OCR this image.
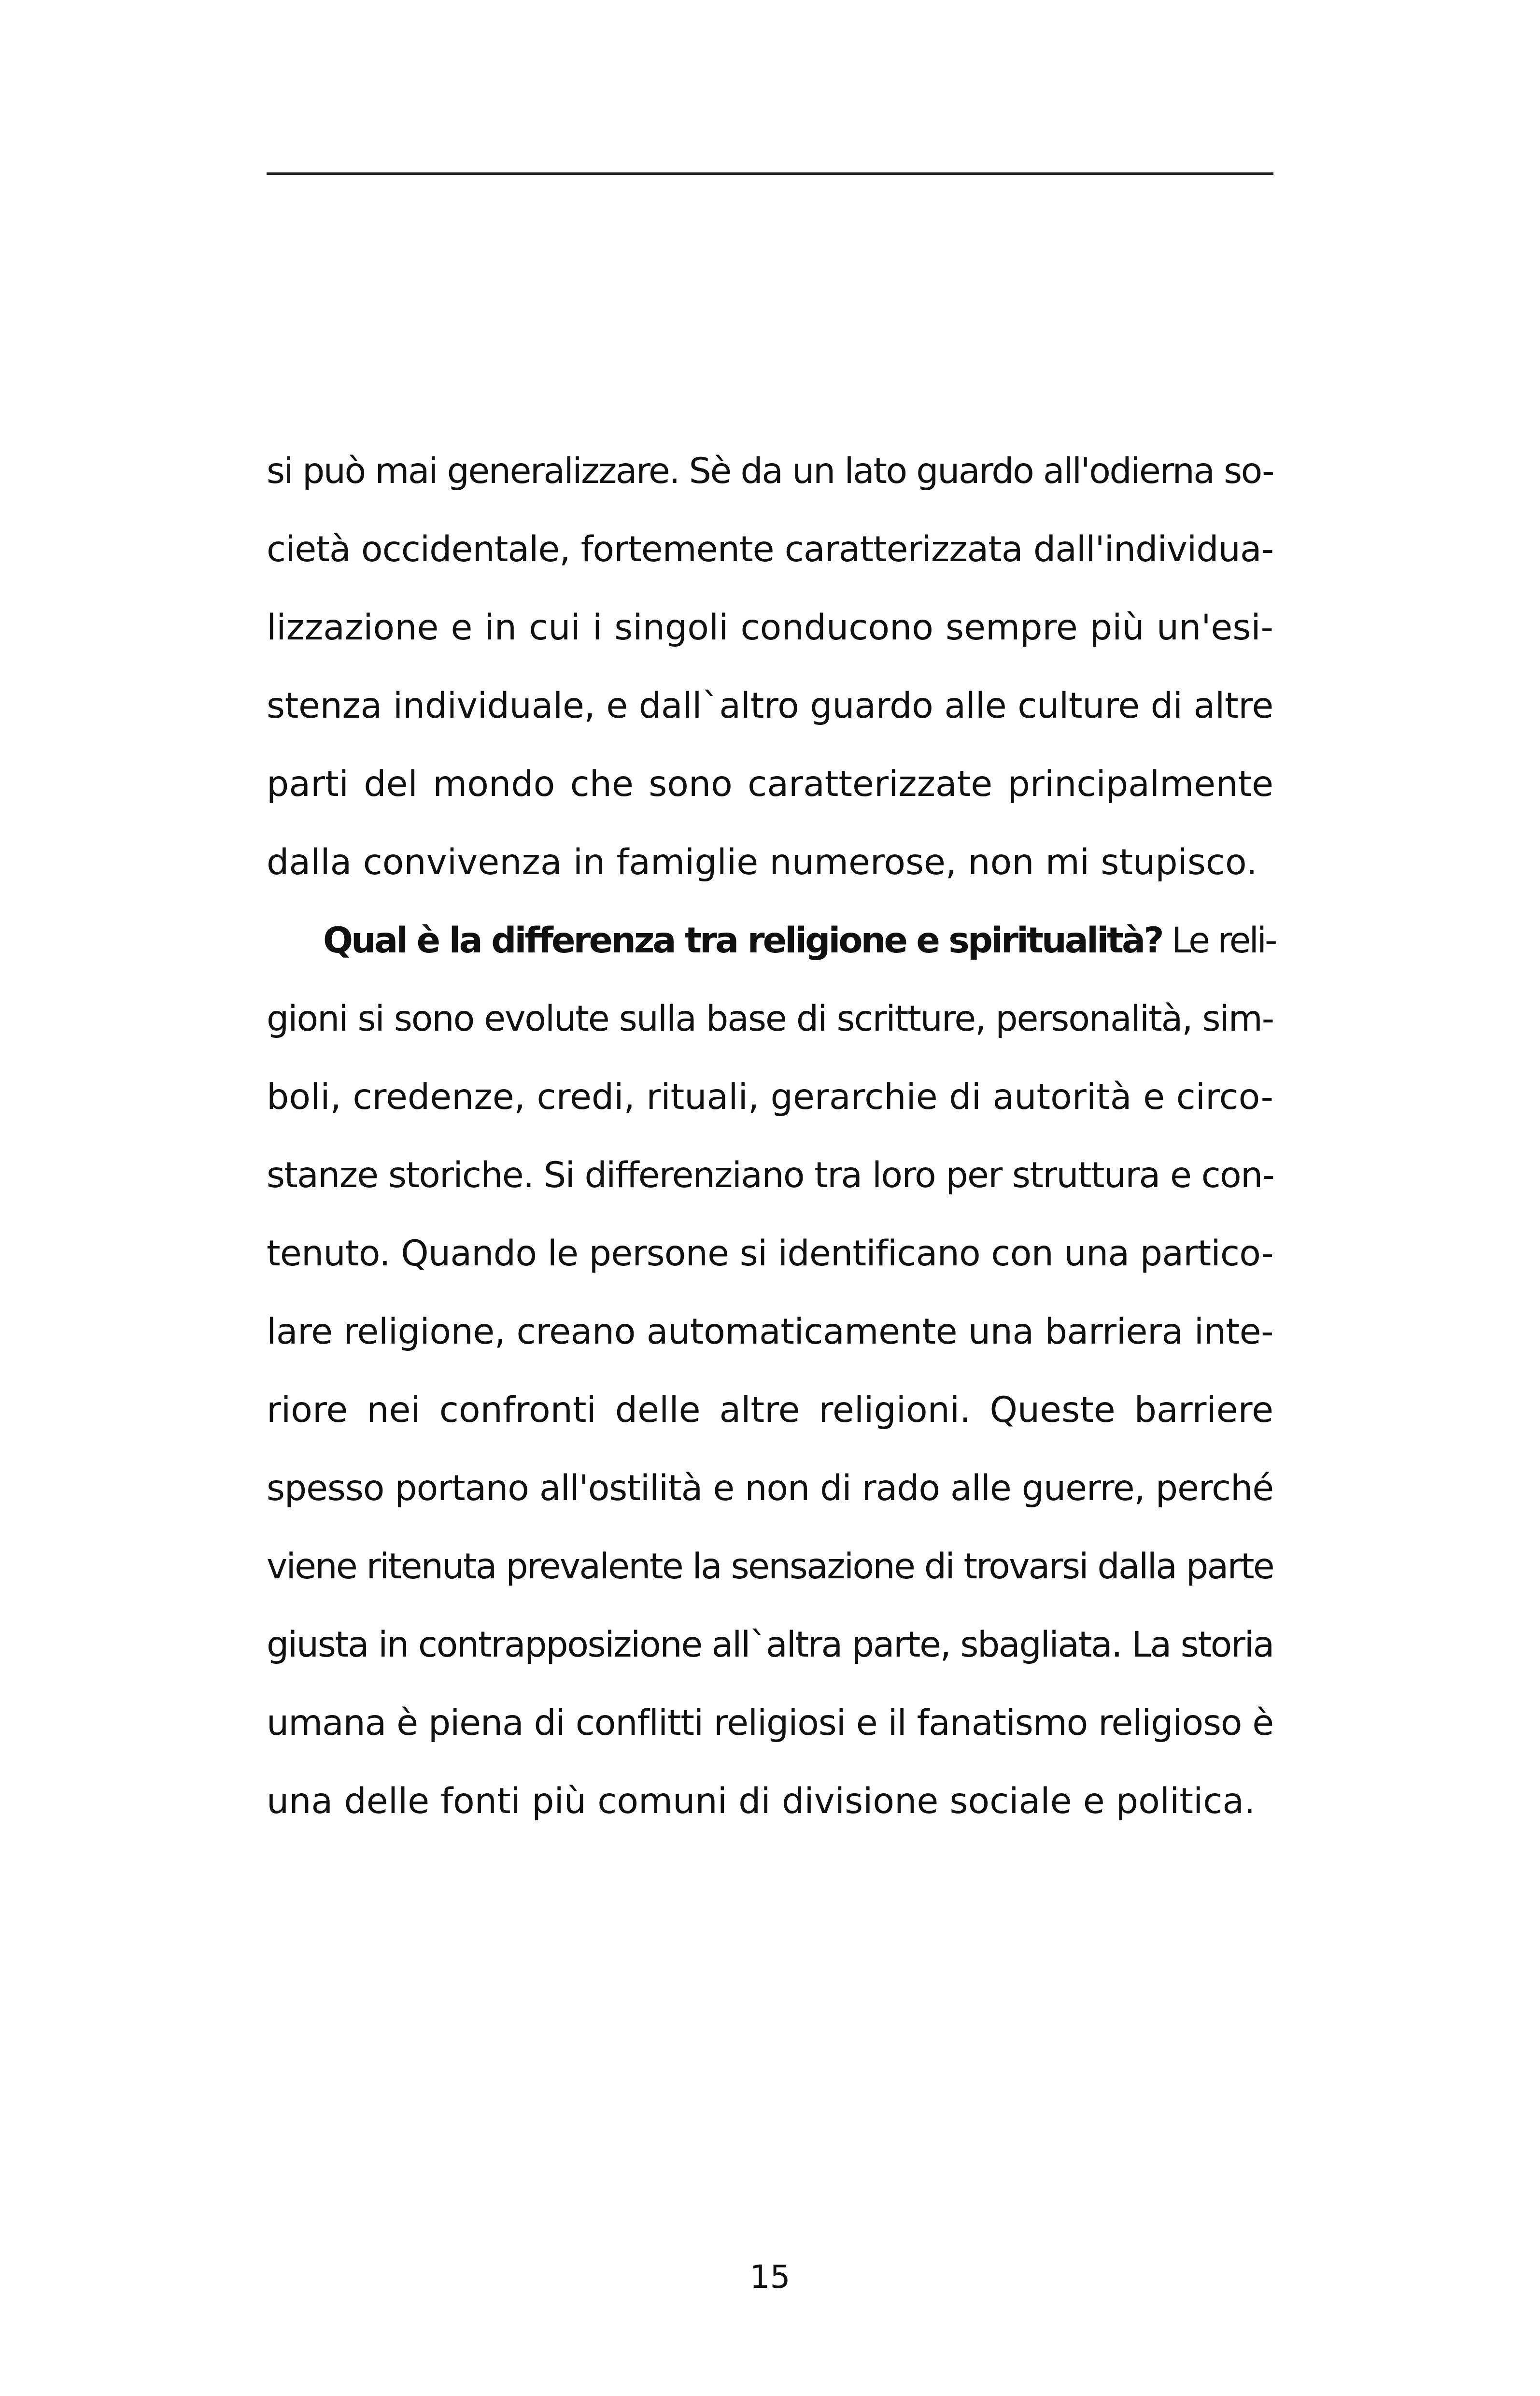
si può mai generalizzare. Sè da un lato guardo all'odierna so-
cietà occidentale, fortemente caratterizzata dall'individua-
lizzazione e in cui i singoli conducono sempre più un'esi-
stenza individuale, e dall`altro guardo alle culture di altre
parti del mondo che sono caratterizzate principalmente
dalla convivenza in famiglie numerose, non mi stupisco.
Qual è la differenza tra religione e spiritualità? Le reli-
gioni si sono evolute sulla base di scritture, personalità, sim-
boli, credenze, credi, rituali, gerarchie di autorità e circo-
stanze storiche. Si differenziano tra loro per struttura e con-
tenuto. Quando le persone si identificano con una partico-
lare religione, creano automaticamente una barriera inte-
riore nei confronti delle altre religioni. Queste barriere
spesso portano all'ostilità e non di rado alle guerre, perché
viene ritenuta prevalente la sensazione di trovarsi dalla parte
giusta in contrapposizione all`altra parte, sbagliata. La storia
umana è piena di conflitti religiosi e il fanatismo religioso è
una delle fonti più comuni di divisione sociale e politica.
15
